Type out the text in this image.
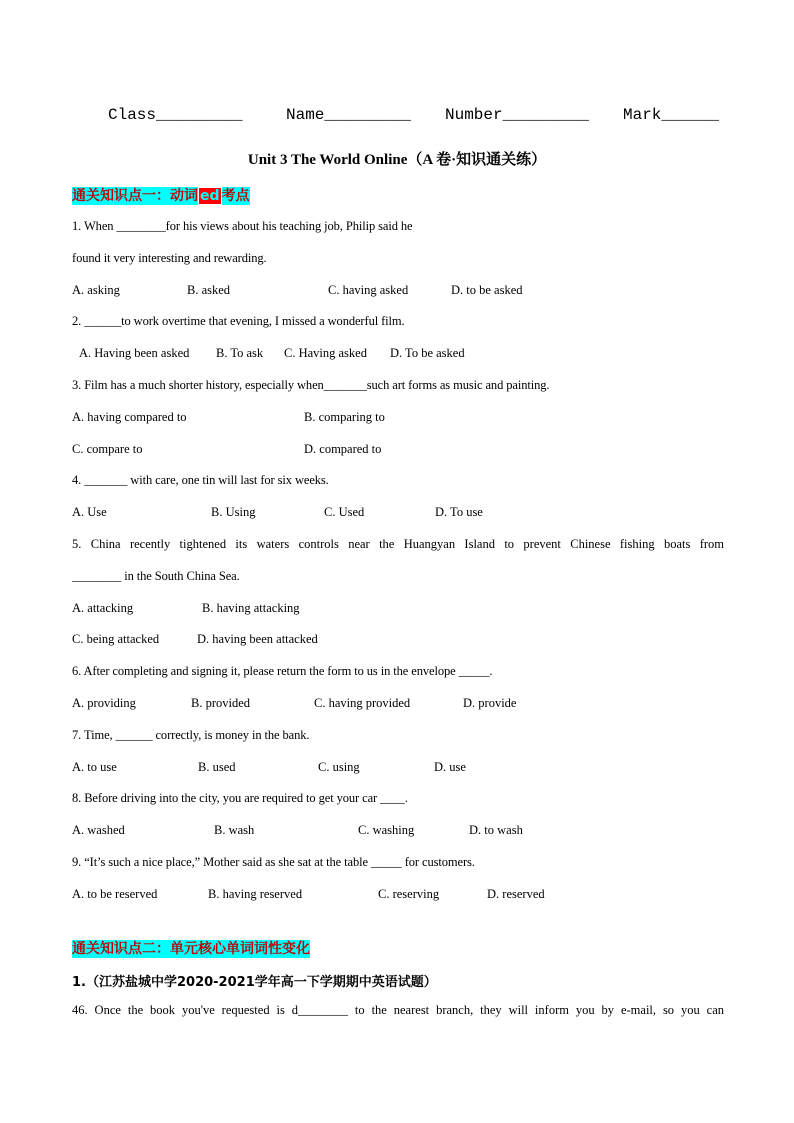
Class_________	Name_________ Number_________ Mark______
Unit 3 The World Online（A 卷·知识通关练）
通关知识点一：动词 ed 考点
1. When ________for his views about his teaching job, Philip said he
found it very interesting and rewarding.
A. asking	B. asked	C. having asked	D. to be asked
2. ______to work overtime that evening, I missed a wonderful film.
A. Having been asked B. To ask C. Having asked D. To be asked
3. Film has a much shorter history, especially when_______such art forms as music and painting.
A. having compared to	B. comparing to
C. compare to	D. compared to
4. _______ with care, one tin will last for six weeks.
A. Use	B. Using	C. Used	D. To use
5. China recently tightened its waters controls near the Huangyan Island to prevent Chinese fishing boats from
________ in the South China Sea.
A. attacking	B. having attacking
C. being attacked	D. having been attacked
6. After completing and signing it, please return the form to us in the envelope _____.
A. providing	B. provided	C. having provided	D. provide
7. Time, ______ correctly, is money in the bank.
A. to use	B. used	C. using	D. use
8. Before driving into the city, you are required to get your car ____.
A. washed	B. wash	C. washing	D. to wash
9. “It’s such a nice place,” Mother said as she sat at the table _____ for customers.
A. to be reserved	B. having reserved	C. reserving	D. reserved
通关知识点二：单元核心单词词性变化
1.（江苏盐城中学2020-2021学年高一下学期期中英语试题）
46. Once the book you've requested is d________ to the nearest branch, they will inform you by e-mail, so you can
